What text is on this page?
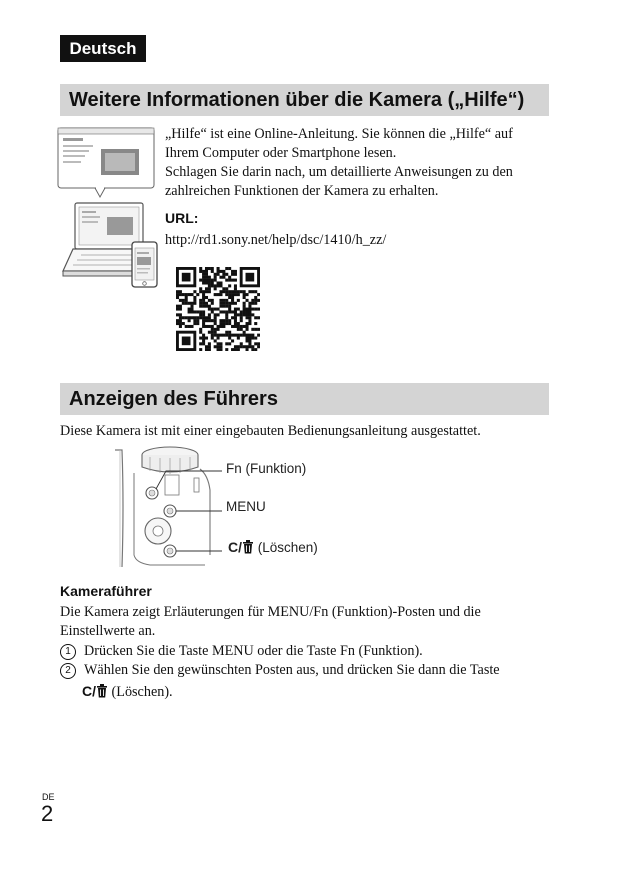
Deutsch
Weitere Informationen über die Kamera („Hilfe“)
„Hilfe“ ist eine Online-Anleitung. Sie können die „Hilfe“ auf
Ihrem Computer oder Smartphone lesen.
Schlagen Sie darin nach, um detaillierte Anweisungen zu den
zahlreichen Funktionen der Kamera zu erhalten.
URL:
http://rd1.sony.net/help/dsc/1410/h_zz/
Anzeigen des Führers
Diese Kamera ist mit einer eingebauten Bedienungsanleitung ausgestattet.
Fn (Funktion)
MENU
C/ (Löschen)
Kameraführer
Die Kamera zeigt Erläuterungen für MENU/Fn (Funktion)-Posten und die
Einstellwerte an.
1 Drücken Sie die Taste MENU oder die Taste Fn (Funktion).
2 Wählen Sie den gewünschten Posten aus, und drücken Sie dann die Taste
C/ (Löschen).
DE
2
